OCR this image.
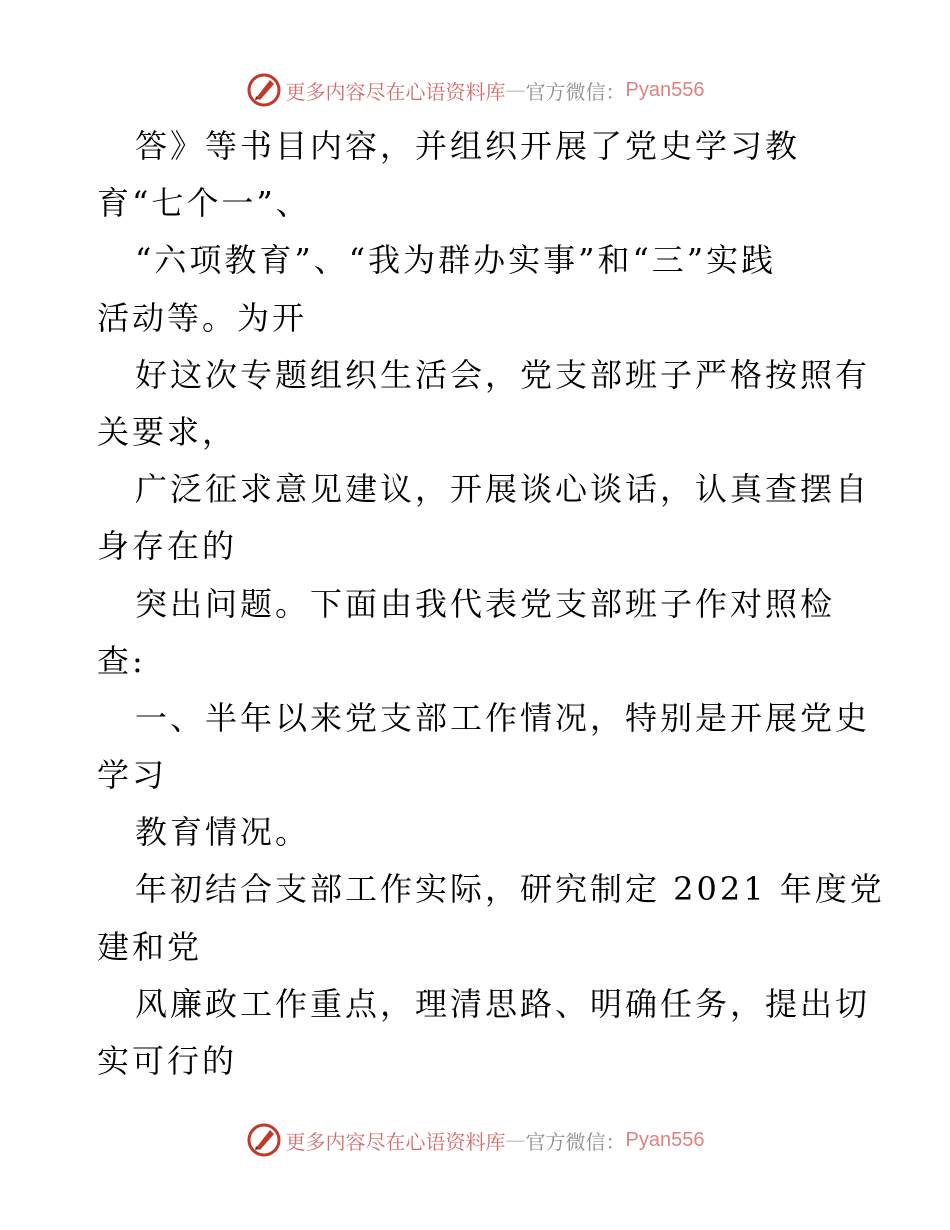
更多内容尽在心语资料库 — 官方微信： Pyan556
答》等书目内容，并组织开展了党史学习教
育“七个一”、
“六项教育”、“我为群办实事”和“三”实践
活动等。为开
好这次专题组织生活会，党支部班子严格按照有
关要求，
广泛征求意见建议，开展谈心谈话，认真查摆自
身存在的
突出问题。下面由我代表党支部班子作对照检
查:
一、半年以来党支部工作情况，特别是开展党史
学习
教育情况。
年初结合支部工作实际，研究制定 2021 年度党
建和党
风廉政工作重点，理清思路、明确任务，提出切
实可行的
更多内容尽在心语资料库 — 官方微信： Pyan556
